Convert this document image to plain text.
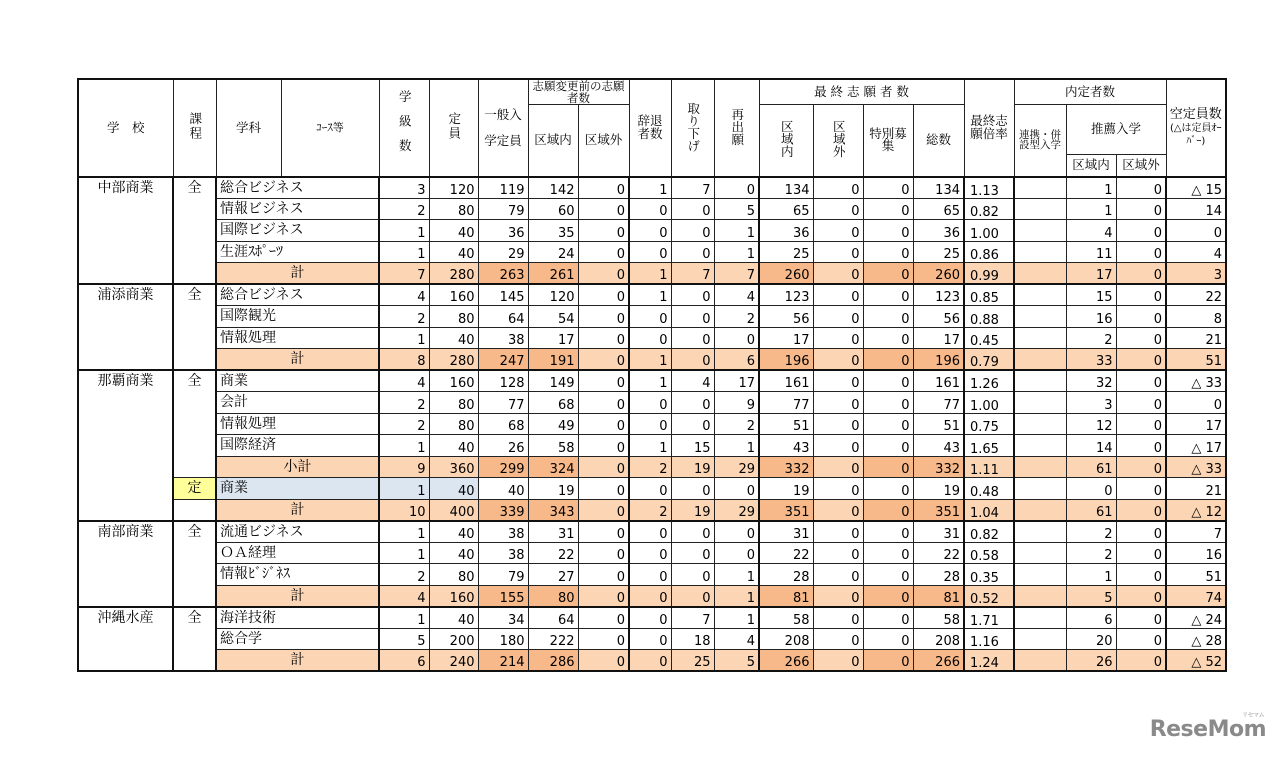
学　校	課程	学科	ｺｰｽ等	学級数	定員	一般入学定員	志願変更前の志願者数		辞退者数	取り下げ	再出願	最 終 志 願 者 数				最終志願倍率	内定者数			空定員数
(△は定員ｵｰﾊﾞｰ)
							区域内	区域外				区域内	区域外	特別募集	総数		連携・併設型入学	推薦入学		
																		区域内	区域外	
中部商業	全	総合ビジネス		3	120	119	142	0	1	7	0	134	0	0	134	1.13		1	0	△ 15
		情報ビジネス		2	80	79	60	0	0	0	5	65	0	0	65	0.82		1	0	14
		国際ビジネス		1	40	36	35	0	0	0	1	36	0	0	36	1.00		4	0	0
		生涯ｽﾎﾟｰﾂ		1	40	29	24	0	0	0	1	25	0	0	25	0.86		11	0	4
		計		7	280	263	261	0	1	7	7	260	0	0	260	0.99		17	0	3
浦添商業	全	総合ビジネス		4	160	145	120	0	1	0	4	123	0	0	123	0.85		15	0	22
		国際観光		2	80	64	54	0	0	0	2	56	0	0	56	0.88		16	0	8
		情報処理		1	40	38	17	0	0	0	0	17	0	0	17	0.45		2	0	21
		計		8	280	247	191	0	1	0	6	196	0	0	196	0.79		33	0	51
那覇商業	全	商業		4	160	128	149	0	1	4	17	161	0	0	161	1.26		32	0	△ 33
		会計		2	80	77	68	0	0	0	9	77	0	0	77	1.00		3	0	0
		情報処理		2	80	68	49	0	0	0	2	51	0	0	51	0.75		12	0	17
		国際経済		1	40	26	58	0	1	15	1	43	0	0	43	1.65		14	0	△ 17
		小計		9	360	299	324	0	2	19	29	332	0	0	332	1.11		61	0	△ 33
	定	商業		1	40	40	19	0	0	0	0	19	0	0	19	0.48		0	0	21
		計		10	400	339	343	0	2	19	29	351	0	0	351	1.04		61	0	△ 12
南部商業	全	流通ビジネス		1	40	38	31	0	0	0	0	31	0	0	31	0.82		2	0	7
		ＯＡ経理		1	40	38	22	0	0	0	0	22	0	0	22	0.58		2	0	16
		情報ﾋﾞｼﾞﾈｽ		2	80	79	27	0	0	0	1	28	0	0	28	0.35		1	0	51
		計		4	160	155	80	0	0	0	1	81	0	0	81	0.52		5	0	74
沖縄水産	全	海洋技術		1	40	34	64	0	0	7	1	58	0	0	58	1.71		6	0	△ 24
		総合学		5	200	180	222	0	0	18	4	208	0	0	208	1.16		20	0	△ 28
		計		6	240	214	286	0	0	25	5	266	0	0	266	1.24		26	0	△ 52
ReseMom
リセマム
